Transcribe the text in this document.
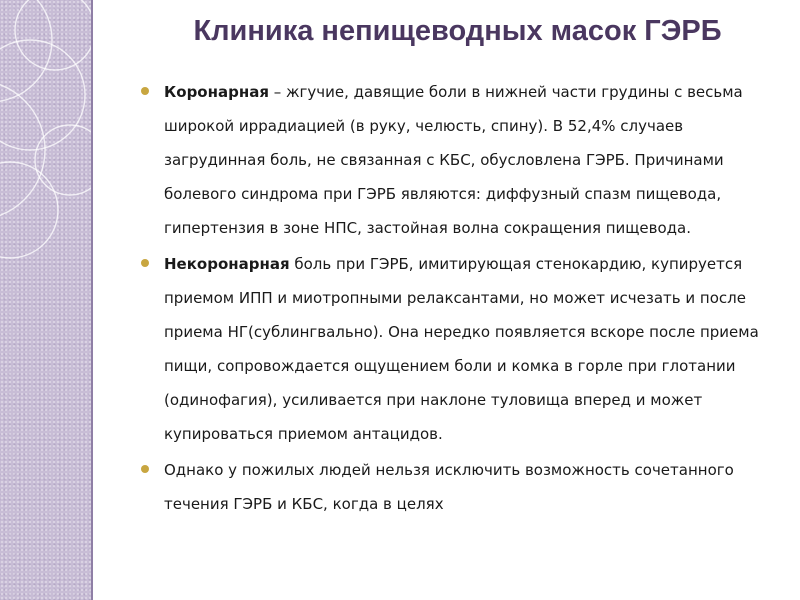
Клиника непищеводных масок ГЭРБ
Коронарная – жгучие, давящие боли в нижней части грудины с весьма широкой иррадиацией (в руку, челюсть, спину). В 52,4% случаев загрудинная боль, не связанная с КБС, обусловлена ГЭРБ. Причинами болевого синдрома при ГЭРБ являются: диффузный спазм пищевода, гипертензия в зоне НПС, застойная волна сокращения пищевода.
Некоронарная боль при ГЭРБ, имитирующая стенокардию, купируется приемом ИПП и миотропными релаксантами, но может исчезать и после приема НГ(сублингвально). Она нередко появляется вскоре после приема пищи, сопровождается ощущением боли и комка в горле при глотании (одинофагия), усиливается при наклоне туловища вперед и может купироваться приемом антацидов.
Однако у пожилых людей нельзя исключить возможность сочетанного течения ГЭРБ и КБС, когда в целях
